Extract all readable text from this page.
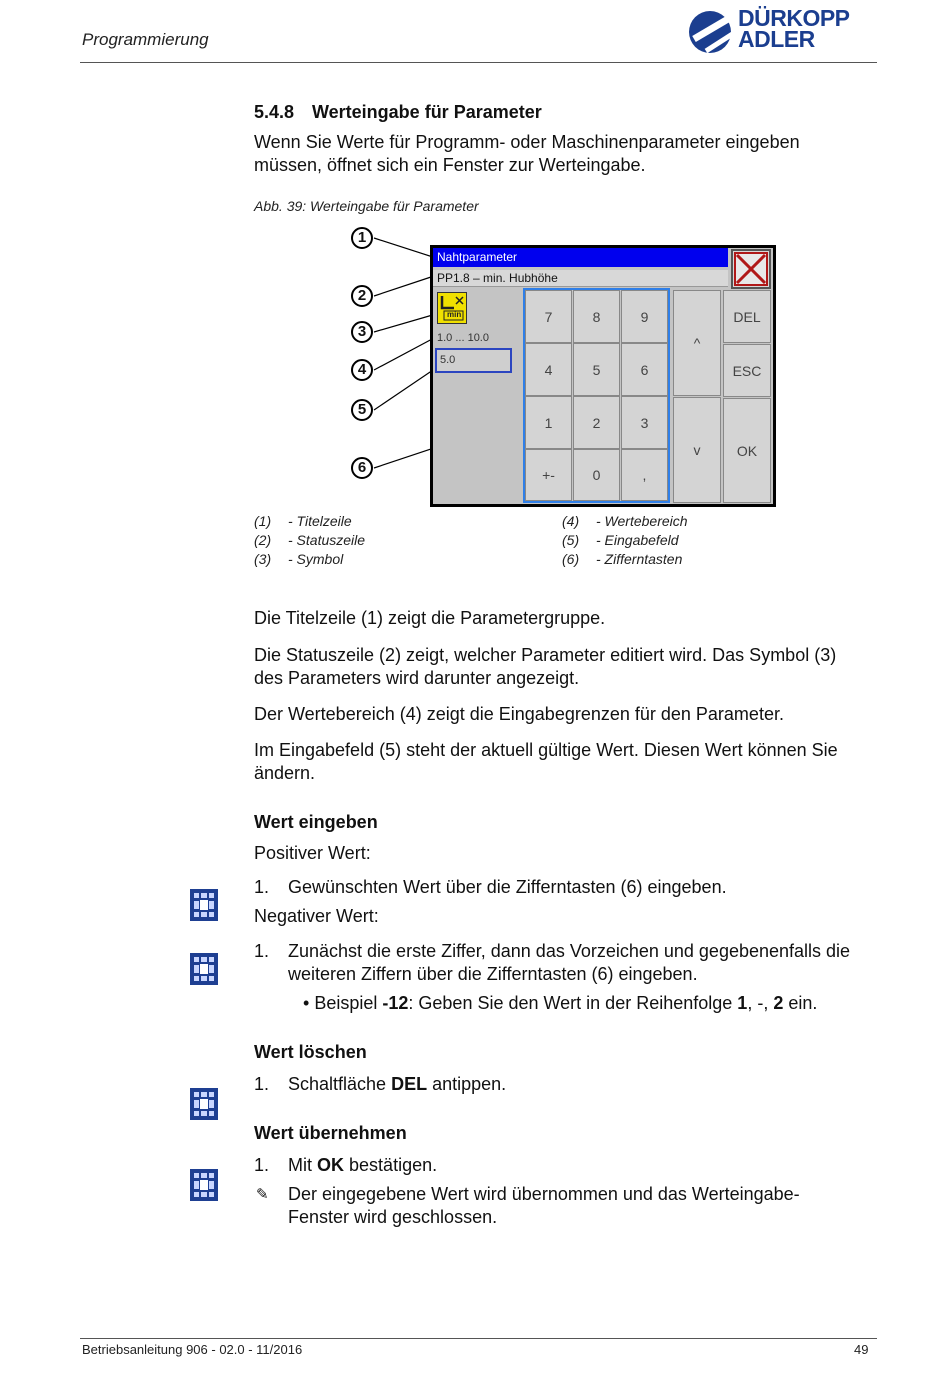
Programmierung
DÜRKOPP
ADLER
5.4.8 Werteingabe für Parameter
Wenn Sie Werte für Programm- oder Maschinenparameter eingeben müssen, öffnet sich ein Fenster zur Werteingabe.
Abb. 39: Werteingabe für Parameter
1
2
3
4
5
6
Nahtparameter
PP1.8 – min. Hubhöhe
min
1.0 ... 10.0
5.0
7	8	9
4	5	6
1	2	3
+-	0	,
^
v
DEL
ESC
OK
(1) - Titelzeile
(2) - Statuszeile
(3) - Symbol
(4) - Wertebereich
(5) - Eingabefeld
(6) - Zifferntasten
Die Titelzeile (1) zeigt die Parametergruppe.
Die Statuszeile (2) zeigt, welcher Parameter editiert wird. Das Symbol (3) des Parameters wird darunter angezeigt.
Der Wertebereich (4) zeigt die Eingabegrenzen für den Parameter.
Im Eingabefeld (5) steht der aktuell gültige Wert. Diesen Wert können Sie ändern.
Wert eingeben
Positiver Wert:
1. Gewünschten Wert über die Zifferntasten (6) eingeben.
Negativer Wert:
1. Zunächst die erste Ziffer, dann das Vorzeichen und gegebenenfalls die weiteren Ziffern über die Zifferntasten (6) eingeben.
• Beispiel -12: Geben Sie den Wert in der Reihenfolge 1, -, 2 ein.
Wert löschen
1. Schaltfläche DEL antippen.
Wert übernehmen
1. Mit OK bestätigen.
✎ Der eingegebene Wert wird übernommen und das Werteingabe-Fenster wird geschlossen.
Betriebsanleitung 906 - 02.0 - 11/2016	49
